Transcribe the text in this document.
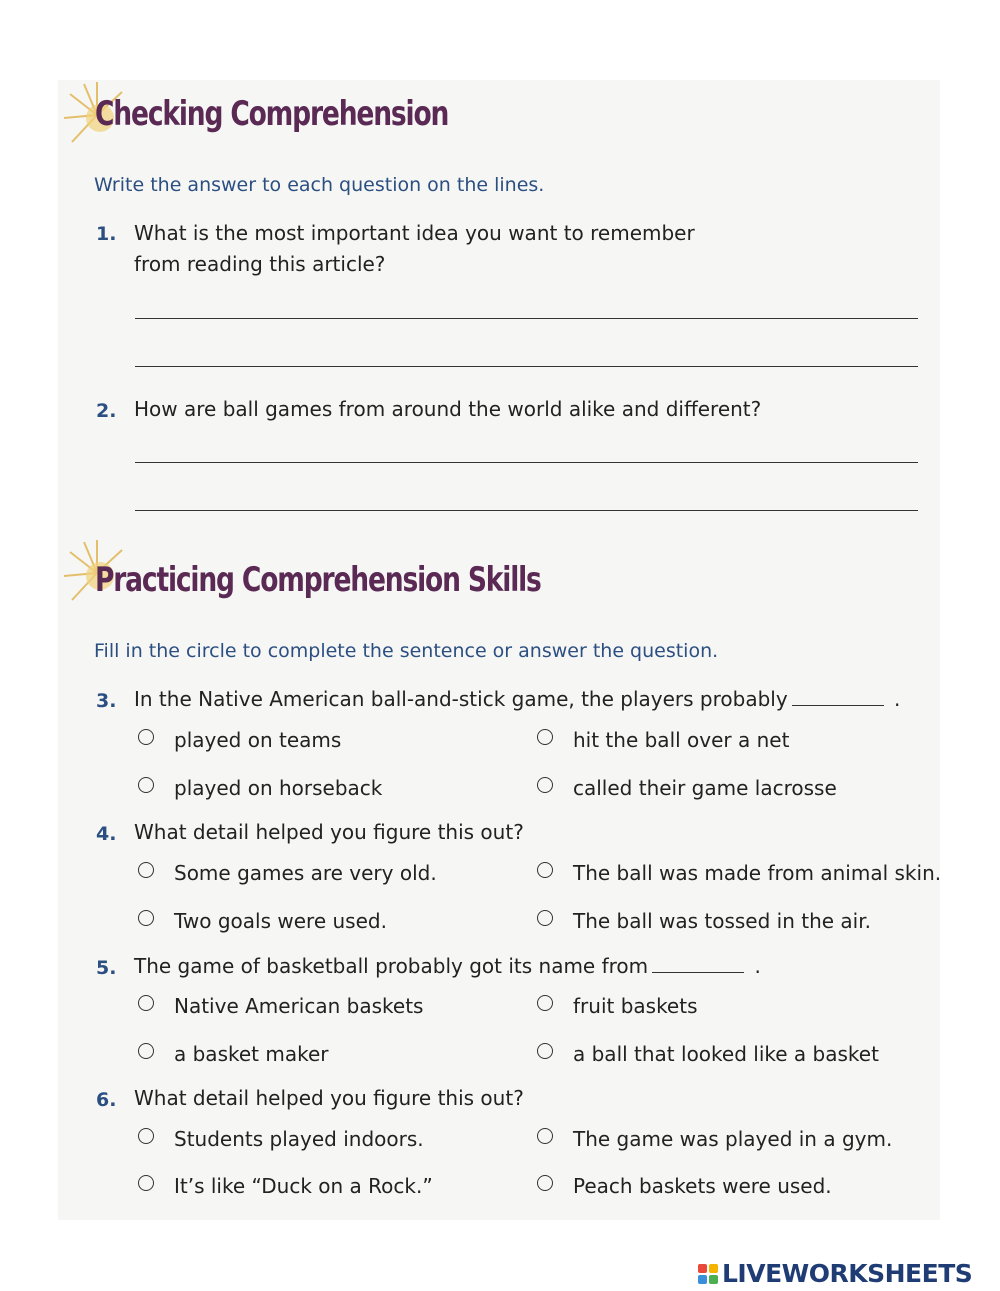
Checking Comprehension
Write the answer to each question on the lines.
1. What is the most important idea you want to remember
from reading this article?
2. How are ball games from around the world alike and different?
Practicing Comprehension Skills
Fill in the circle to complete the sentence or answer the question.
3. In the Native American ball-and-stick game, the players probably	.
played on teams	hit the ball over a net
played on horseback	called their game lacrosse
4. What detail helped you figure this out?
Some games are very old.	The ball was made from animal skin.
Two goals were used.	The ball was tossed in the air.
5. The game of basketball probably got its name from	.
Native American baskets	fruit baskets
a basket maker	a ball that looked like a basket
6. What detail helped you figure this out?
Students played indoors.	The game was played in a gym.
It’s like “Duck on a Rock.”	Peach baskets were used.
LIVEWORKSHEETS
